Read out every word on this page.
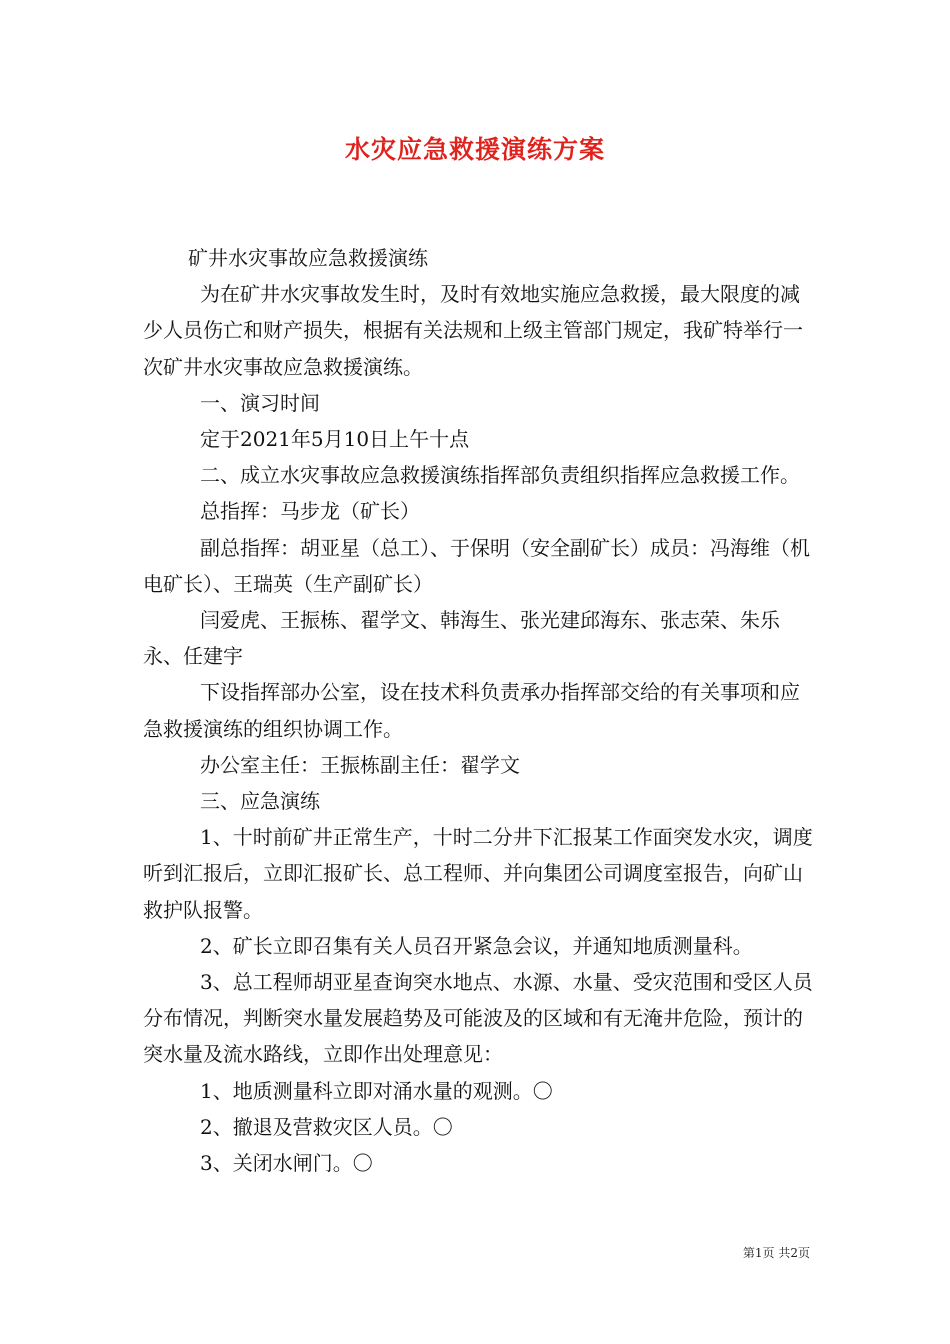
水灾应急救援演练方案

矿井水灾事故应急救援演练

为在矿井水灾事故发生时，及时有效地实施应急救援，最大限度的减少人员伤亡和财产损失，根据有关法规和上级主管部门规定，我矿特举行一次矿井水灾事故应急救援演练。

一、演习时间

定于2021年5月10日上午十点

二、成立水灾事故应急救援演练指挥部负责组织指挥应急救援工作。

总指挥：马步龙（矿长）

副总指挥：胡亚星（总工）、于保明（安全副矿长）成员：冯海维（机电矿长）、王瑞英（生产副矿长）

闫爱虎、王振栋、翟学文、韩海生、张光建邱海东、张志荣、朱乐永、任建宇

下设指挥部办公室，设在技术科负责承办指挥部交给的有关事项和应急救援演练的组织协调工作。

办公室主任：王振栋副主任：翟学文

三、应急演练

1、十时前矿井正常生产，十时二分井下汇报某工作面突发水灾，调度听到汇报后，立即汇报矿长、总工程师、并向集团公司调度室报告，向矿山救护队报警。

2、矿长立即召集有关人员召开紧急会议，并通知地质测量科。

3、总工程师胡亚星查询突水地点、水源、水量、受灾范围和受区人员分布情况，判断突水量发展趋势及可能波及的区域和有无淹井危险，预计的突水量及流水路线，立即作出处理意见：

1、地质测量科立即对涌水量的观测。〇

2、撤退及营救灾区人员。〇

3、关闭水闸门。〇

第1页 共2页
